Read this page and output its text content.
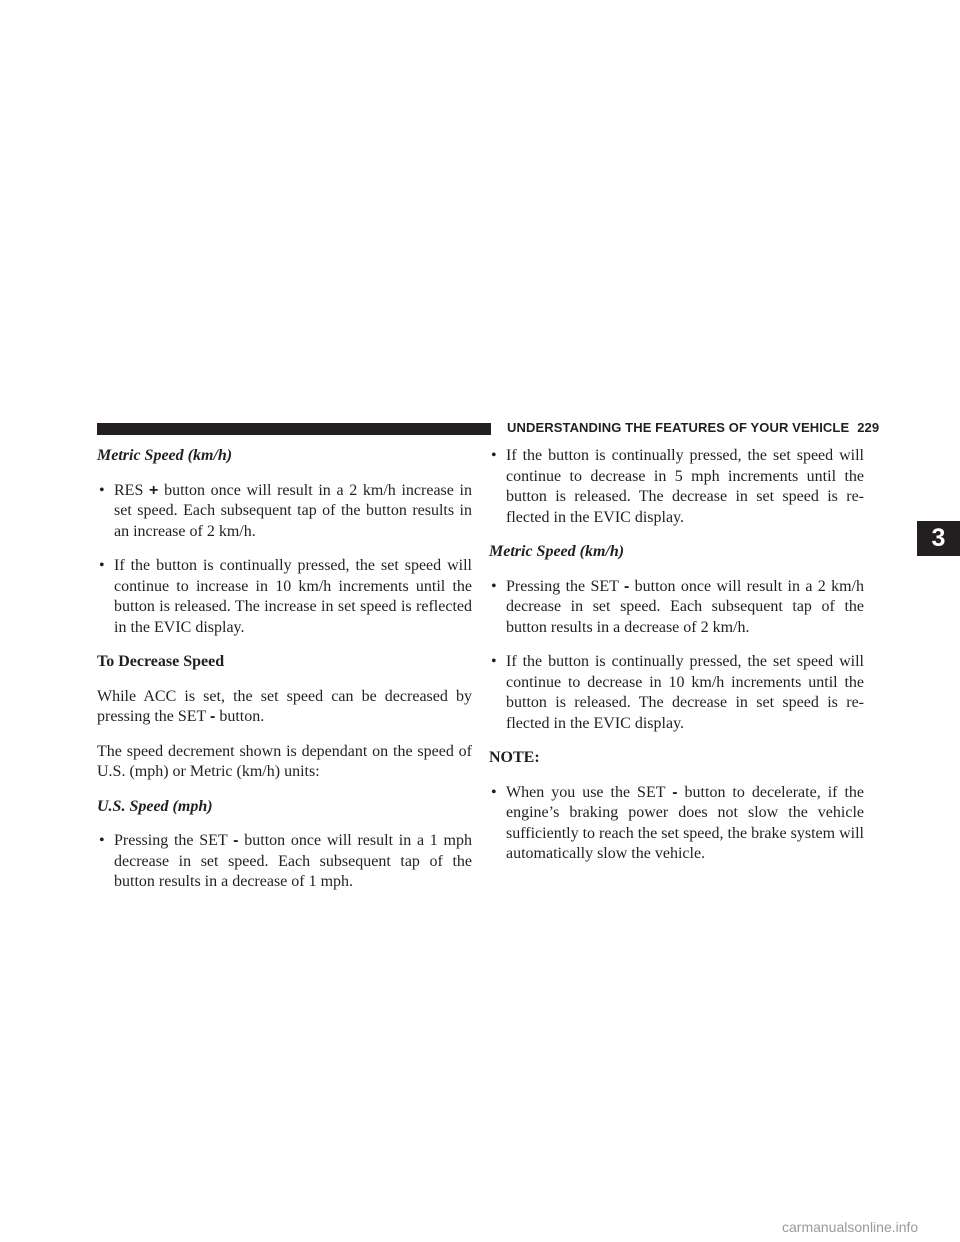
UNDERSTANDING THE FEATURES OF YOUR VEHICLE 229
3
Metric Speed (km/h)
• RES + button once will result in a 2 km/h increase in set speed. Each subsequent tap of the button results in an increase of 2 km/h.
• If the button is continually pressed, the set speed will continue to increase in 10 km/h increments until the button is released. The increase in set speed is reflected in the EVIC display.
To Decrease Speed

While ACC is set, the set speed can be decreased by pressing the SET - button.

The speed decrement shown is dependant on the speed of U.S. (mph) or Metric (km/h) units:

U.S. Speed (mph)
• Pressing the SET - button once will result in a 1 mph decrease in set speed. Each subsequent tap of the button results in a decrease of 1 mph.
• If the button is continually pressed, the set speed will continue to decrease in 5 mph increments until the button is released. The decrease in set speed is re-flected in the EVIC display.
Metric Speed (km/h)
• Pressing the SET - button once will result in a 2 km/h decrease in set speed. Each subsequent tap of the button results in a decrease of 2 km/h.
• If the button is continually pressed, the set speed will continue to decrease in 10 km/h increments until the button is released. The decrease in set speed is re-flected in the EVIC display.
NOTE:
• When you use the SET - button to decelerate, if the engine’s braking power does not slow the vehicle sufficiently to reach the set speed, the brake system will automatically slow the vehicle.
carmanualsonline.info
